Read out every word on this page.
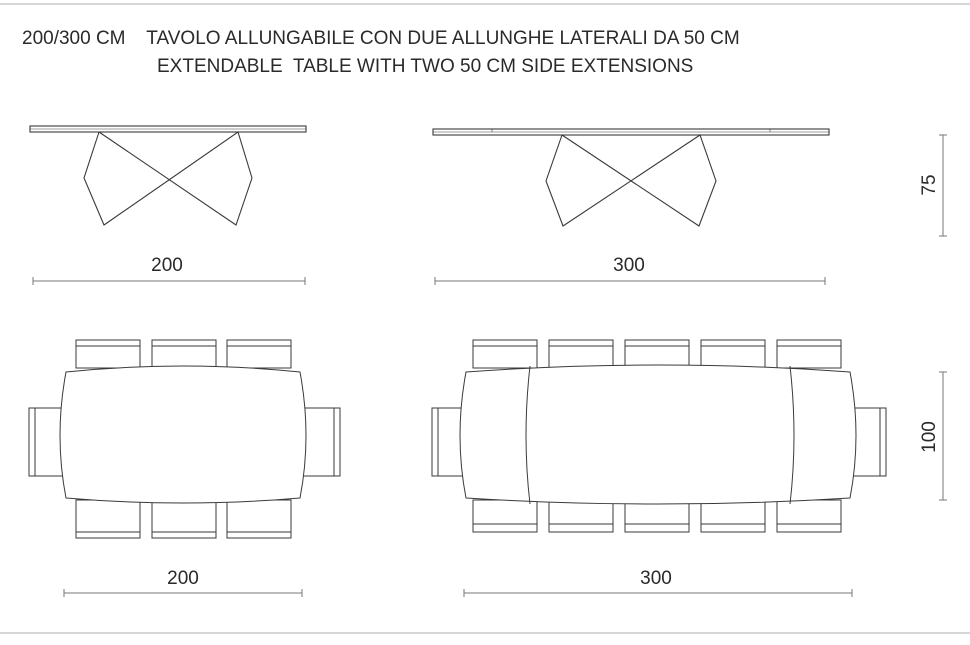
200/300 CM    TAVOLO ALLUNGABILE CON DUE ALLUNGHE LATERALI DA 50 CM
EXTENDABLE  TABLE WITH TWO 50 CM SIDE EXTENSIONS
200	300
75
200	300
100
